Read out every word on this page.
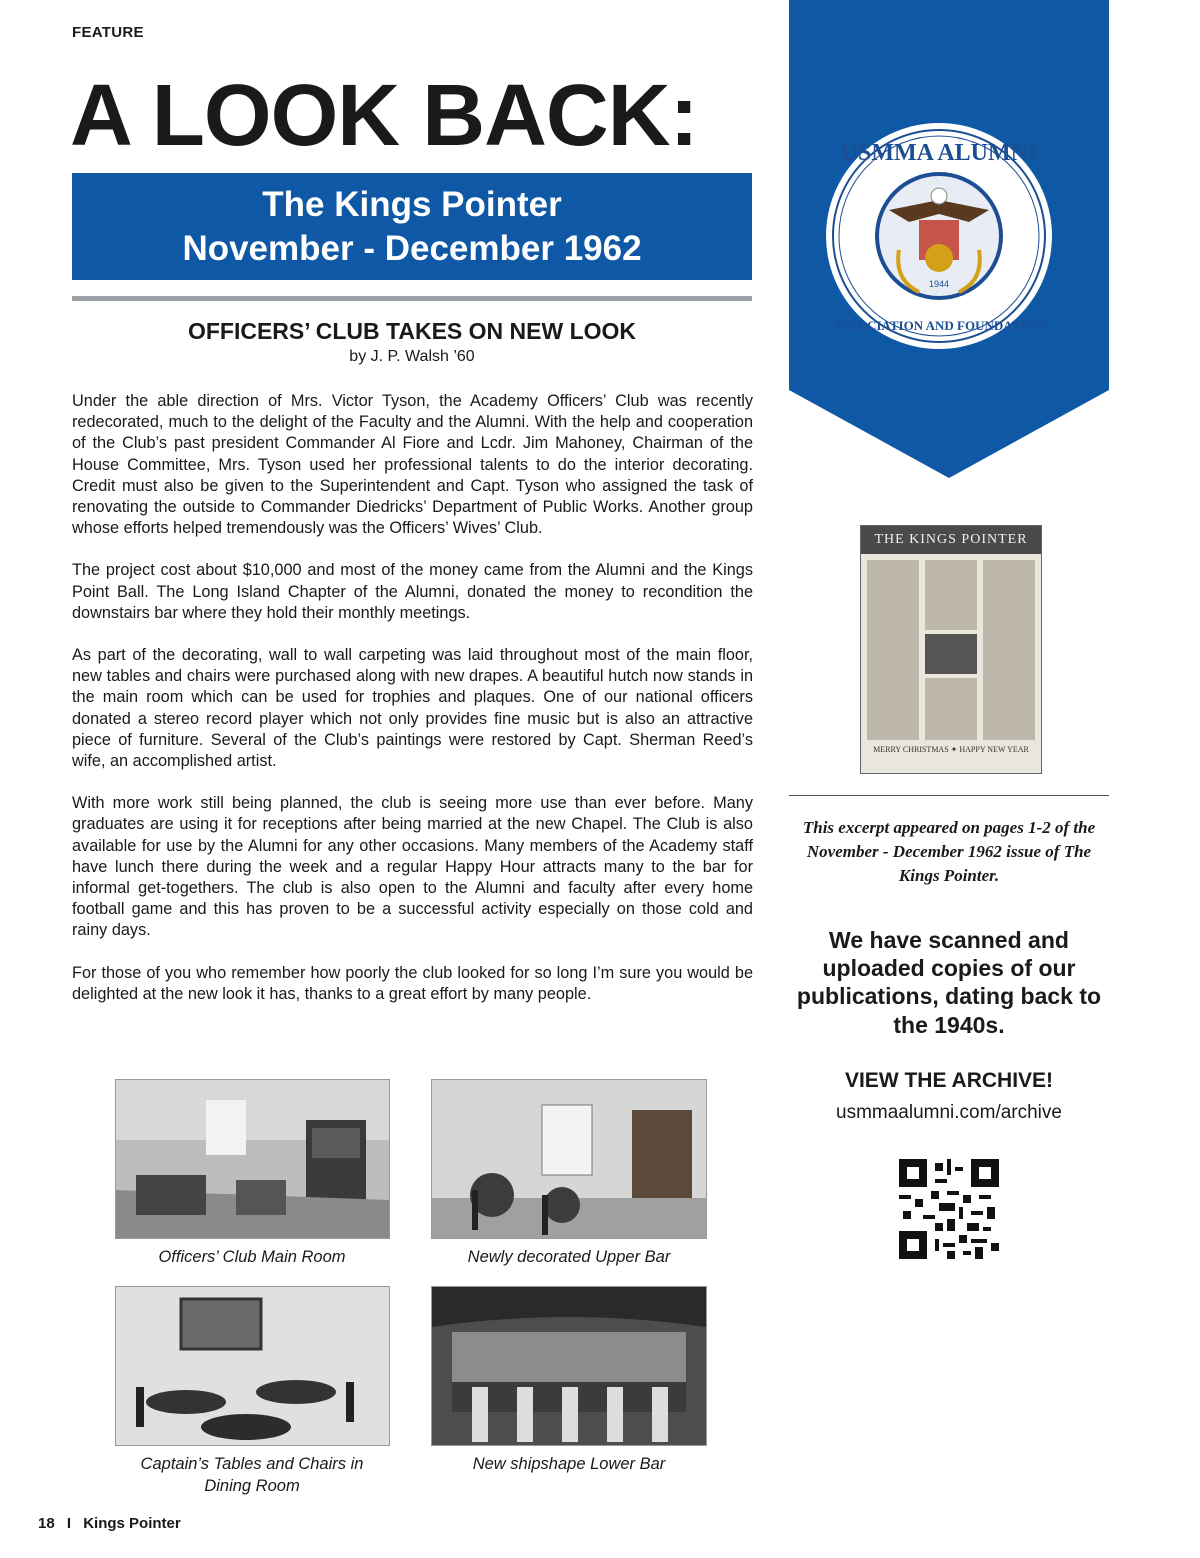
FEATURE
A LOOK BACK:
The Kings Pointer
November - December 1962
OFFICERS’ CLUB TAKES ON NEW LOOK
by J. P. Walsh ’60

Under the able direction of Mrs. Victor Tyson, the Academy Officers’ Club was recently redecorated, much to the delight of the Faculty and the Alumni. With the help and cooperation of the Club’s past president Commander Al Fiore and Lcdr. Jim Mahoney, Chairman of the House Committee, Mrs. Tyson used her professional talents to do the interior decorating. Credit must also be given to the Superintendent and Capt. Tyson who assigned the task of renovating the outside to Commander Diedricks’ Department of Public Works. Another group whose efforts helped tremendously was the Officers’ Wives’ Club.

The project cost about $10,000 and most of the money came from the Alumni and the Kings Point Ball. The Long Island Chapter of the Alumni, donated the money to recondition the downstairs bar where they hold their monthly meetings.

As part of the decorating, wall to wall carpeting was laid throughout most of the main floor, new tables and chairs were purchased along with new drapes. A beautiful hutch now stands in the main room which can be used for trophies and plaques. One of our national officers donated a stereo record player which not only provides fine music but is also an attractive piece of furniture. Several of the Club’s paintings were restored by Capt. Sherman Reed’s wife, an accomplished artist.

With more work still being planned, the club is seeing more use than ever before. Many graduates are using it for receptions after being married at the new Chapel. The Club is also available for use by the Alumni for any other occasions. Many members of the Academy staff have lunch there during the week and a regular Happy Hour attracts many to the bar for informal get-togethers. The club is also open to the Alumni and faculty after every home football game and this has proven to be a successful activity especially on those cold and rainy days.

For those of you who remember how poorly the club looked for so long I’m sure you would be delighted at the new look it has, thanks to a great effort by many people.

Officers’ Club Main Room	Newly decorated Upper Bar
Captain’s Tables and Chairs in Dining Room
New shipshape Lower Bar
USMMA ALUMNI
ASSOCIATION AND FOUNDATION
1944
THE KINGS POINTER
MERRY CHRISTMAS ✦ HAPPY NEW YEAR
This excerpt appeared on pages 1-2 of the November - December 1962 issue of The Kings Pointer.
We have scanned and uploaded copies of our publications, dating back to the 1940s.
VIEW THE ARCHIVE!
usmmaalumni.com/archive
18 I Kings Pointer
